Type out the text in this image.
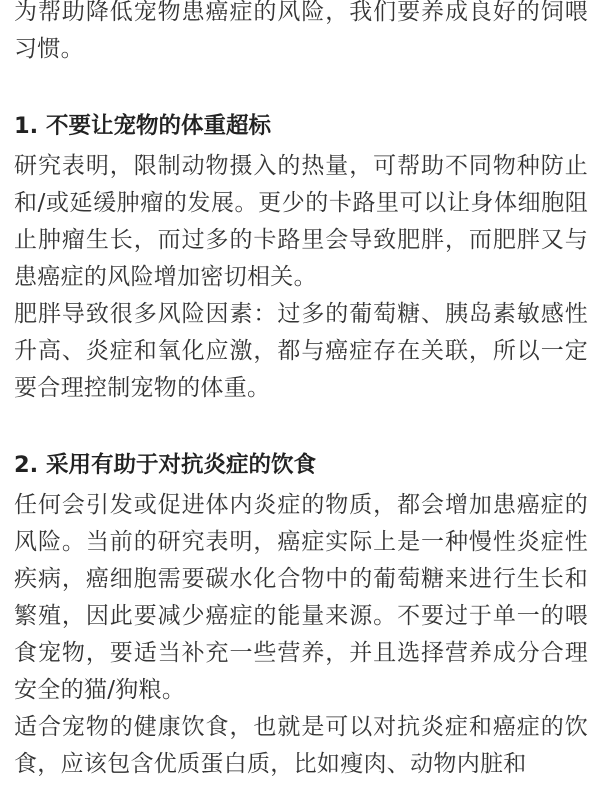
为帮助降低宠物患癌症的风险，我们要养成良好的饲喂习惯。

1. 不要让宠物的体重超标

研究表明，限制动物摄入的热量，可帮助不同物种防止和/或延缓肿瘤的发展。更少的卡路里可以让身体细胞阻止肿瘤生长，而过多的卡路里会导致肥胖，而肥胖又与患癌症的风险增加密切相关。

肥胖导致很多风险因素：过多的葡萄糖、胰岛素敏感性升高、炎症和氧化应激，都与癌症存在关联，所以一定要合理控制宠物的体重。

2. 采用有助于对抗炎症的饮食

任何会引发或促进体内炎症的物质，都会增加患癌症的风险。当前的研究表明，癌症实际上是一种慢性炎症性疾病，癌细胞需要碳水化合物中的葡萄糖来进行生长和繁殖，因此要减少癌症的能量来源。不要过于单一的喂食宠物，要适当补充一些营养，并且选择营养成分合理安全的猫/狗粮。

适合宠物的健康饮食，也就是可以对抗炎症和癌症的饮食，应该包含优质蛋白质，比如瘦肉、动物内脏和
